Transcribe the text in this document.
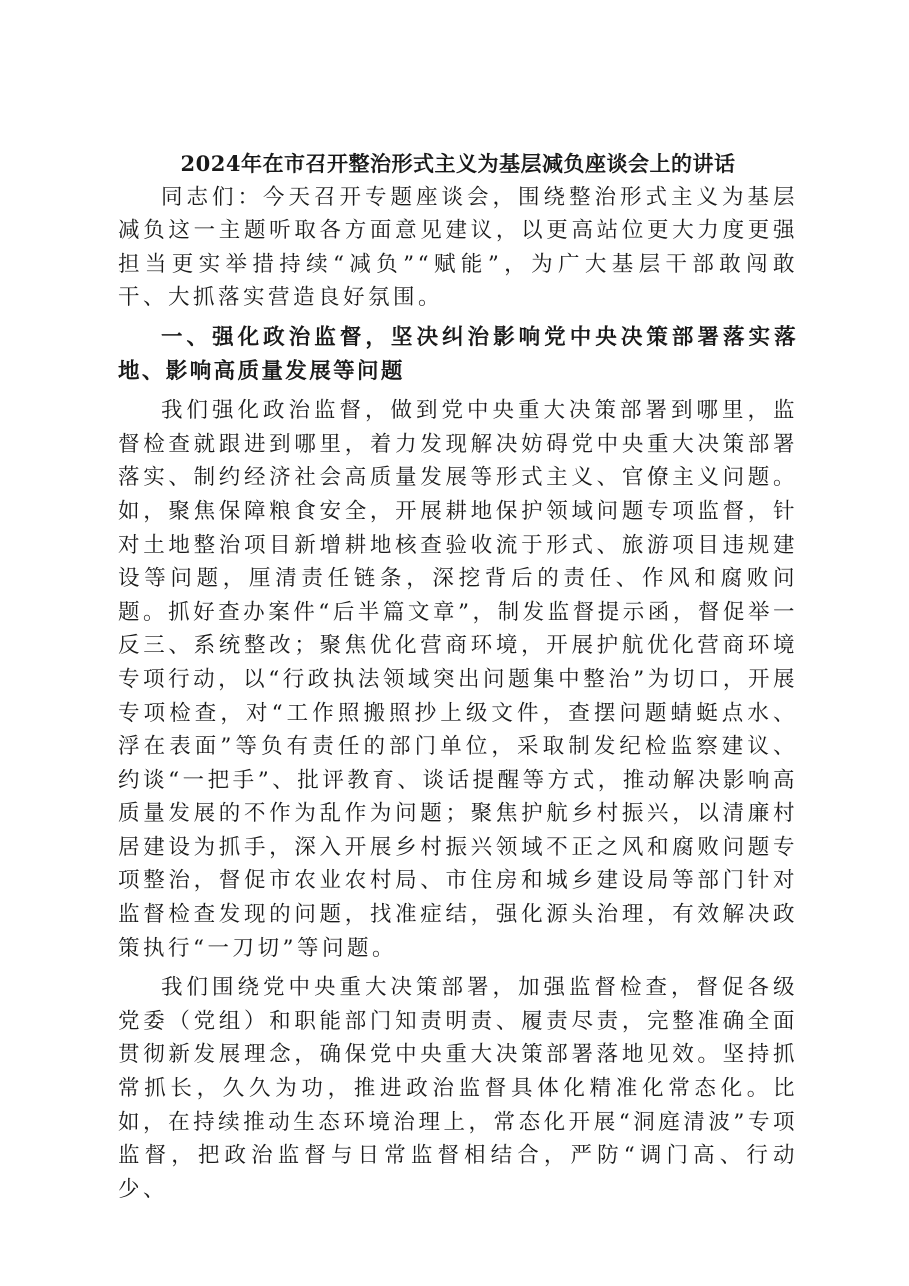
2024年在市召开整治形式主义为基层减负座谈会上的讲话

同志们：今天召开专题座谈会，围绕整治形式主义为基层减负这一主题听取各方面意见建议，以更高站位更大力度更强担当更实举措持续“减负”“赋能”，为广大基层干部敢闯敢干、大抓落实营造良好氛围。

一、强化政治监督，坚决纠治影响党中央决策部署落实落地、影响高质量发展等问题

我们强化政治监督，做到党中央重大决策部署到哪里，监督检查就跟进到哪里，着力发现解决妨碍党中央重大决策部署落实、制约经济社会高质量发展等形式主义、官僚主义问题。如，聚焦保障粮食安全，开展耕地保护领域问题专项监督，针对土地整治项目新增耕地核查验收流于形式、旅游项目违规建设等问题，厘清责任链条，深挖背后的责任、作风和腐败问题。抓好查办案件“后半篇文章”，制发监督提示函，督促举一反三、系统整改；聚焦优化营商环境，开展护航优化营商环境专项行动，以“行政执法领域突出问题集中整治”为切口，开展专项检查，对“工作照搬照抄上级文件，查摆问题蜻蜓点水、浮在表面”等负有责任的部门单位，采取制发纪检监察建议、约谈“一把手”、批评教育、谈话提醒等方式，推动解决影响高质量发展的不作为乱作为问题；聚焦护航乡村振兴，以清廉村居建设为抓手，深入开展乡村振兴领域不正之风和腐败问题专项整治，督促市农业农村局、市住房和城乡建设局等部门针对监督检查发现的问题，找准症结，强化源头治理，有效解决政策执行“一刀切”等问题。

我们围绕党中央重大决策部署，加强监督检查，督促各级党委（党组）和职能部门知责明责、履责尽责，完整准确全面贯彻新发展理念，确保党中央重大决策部署落地见效。坚持抓常抓长，久久为功，推进政治监督具体化精准化常态化。比如，在持续推动生态环境治理上，常态化开展“洞庭清波”专项监督，把政治监督与日常监督相结合，严防“调门高、行动少、
